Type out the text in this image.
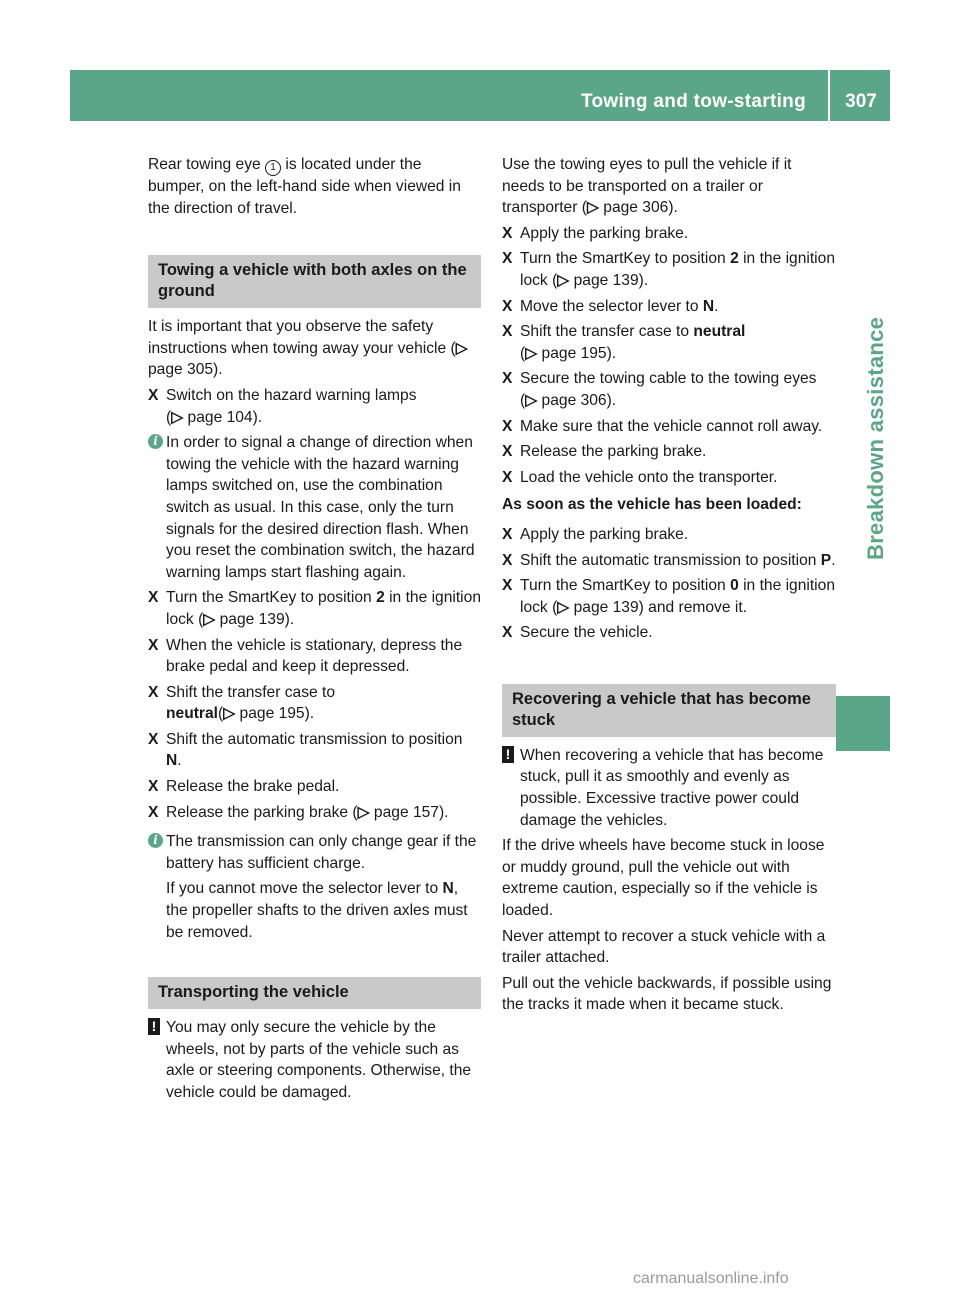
Towing and tow-starting	307
Breakdown assistance

Rear towing eye 1 is located under the bumper, on the left-hand side when viewed in the direction of travel.

Towing a vehicle with both axles on the ground

It is important that you observe the safety instructions when towing away your vehicle (▷ page 305).

X Switch on the hazard warning lamps
(▷ page 104).
i In order to signal a change of direction when towing the vehicle with the hazard warning lamps switched on, use the combination switch as usual. In this case, only the turn signals for the desired direction flash. When you reset the combination switch, the hazard warning lamps start flashing again.
X Turn the SmartKey to position 2 in the ignition lock (▷ page 139).
X When the vehicle is stationary, depress the brake pedal and keep it depressed.
X Shift the transfer case to
neutral(▷ page 195).
X Shift the automatic transmission to position N.
X Release the brake pedal.
X Release the parking brake (▷ page 157).
i The transmission can only change gear if the battery has sufficient charge.

If you cannot move the selector lever to N, the propeller shafts to the driven axles must be removed.

Transporting the vehicle
! You may only secure the vehicle by the wheels, not by parts of the vehicle such as axle or steering components. Otherwise, the vehicle could be damaged.

Use the towing eyes to pull the vehicle if it needs to be transported on a trailer or transporter (▷ page 306).

X Apply the parking brake.
X Turn the SmartKey to position 2 in the ignition lock (▷ page 139).
X Move the selector lever to N.
X Shift the transfer case to neutral
(▷ page 195).
X Secure the towing cable to the towing eyes (▷ page 306).
X Make sure that the vehicle cannot roll away.
X Release the parking brake.
X Load the vehicle onto the transporter.

As soon as the vehicle has been loaded:

X Apply the parking brake.
X Shift the automatic transmission to position P.
X Turn the SmartKey to position 0 in the ignition lock (▷ page 139) and remove it.
X Secure the vehicle.
Recovering a vehicle that has become stuck
! When recovering a vehicle that has become stuck, pull it as smoothly and evenly as possible. Excessive tractive power could damage the vehicles.

If the drive wheels have become stuck in loose or muddy ground, pull the vehicle out with extreme caution, especially so if the vehicle is loaded.

Never attempt to recover a stuck vehicle with a trailer attached.

Pull out the vehicle backwards, if possible using the tracks it made when it became stuck.

carmanualsonline.info
